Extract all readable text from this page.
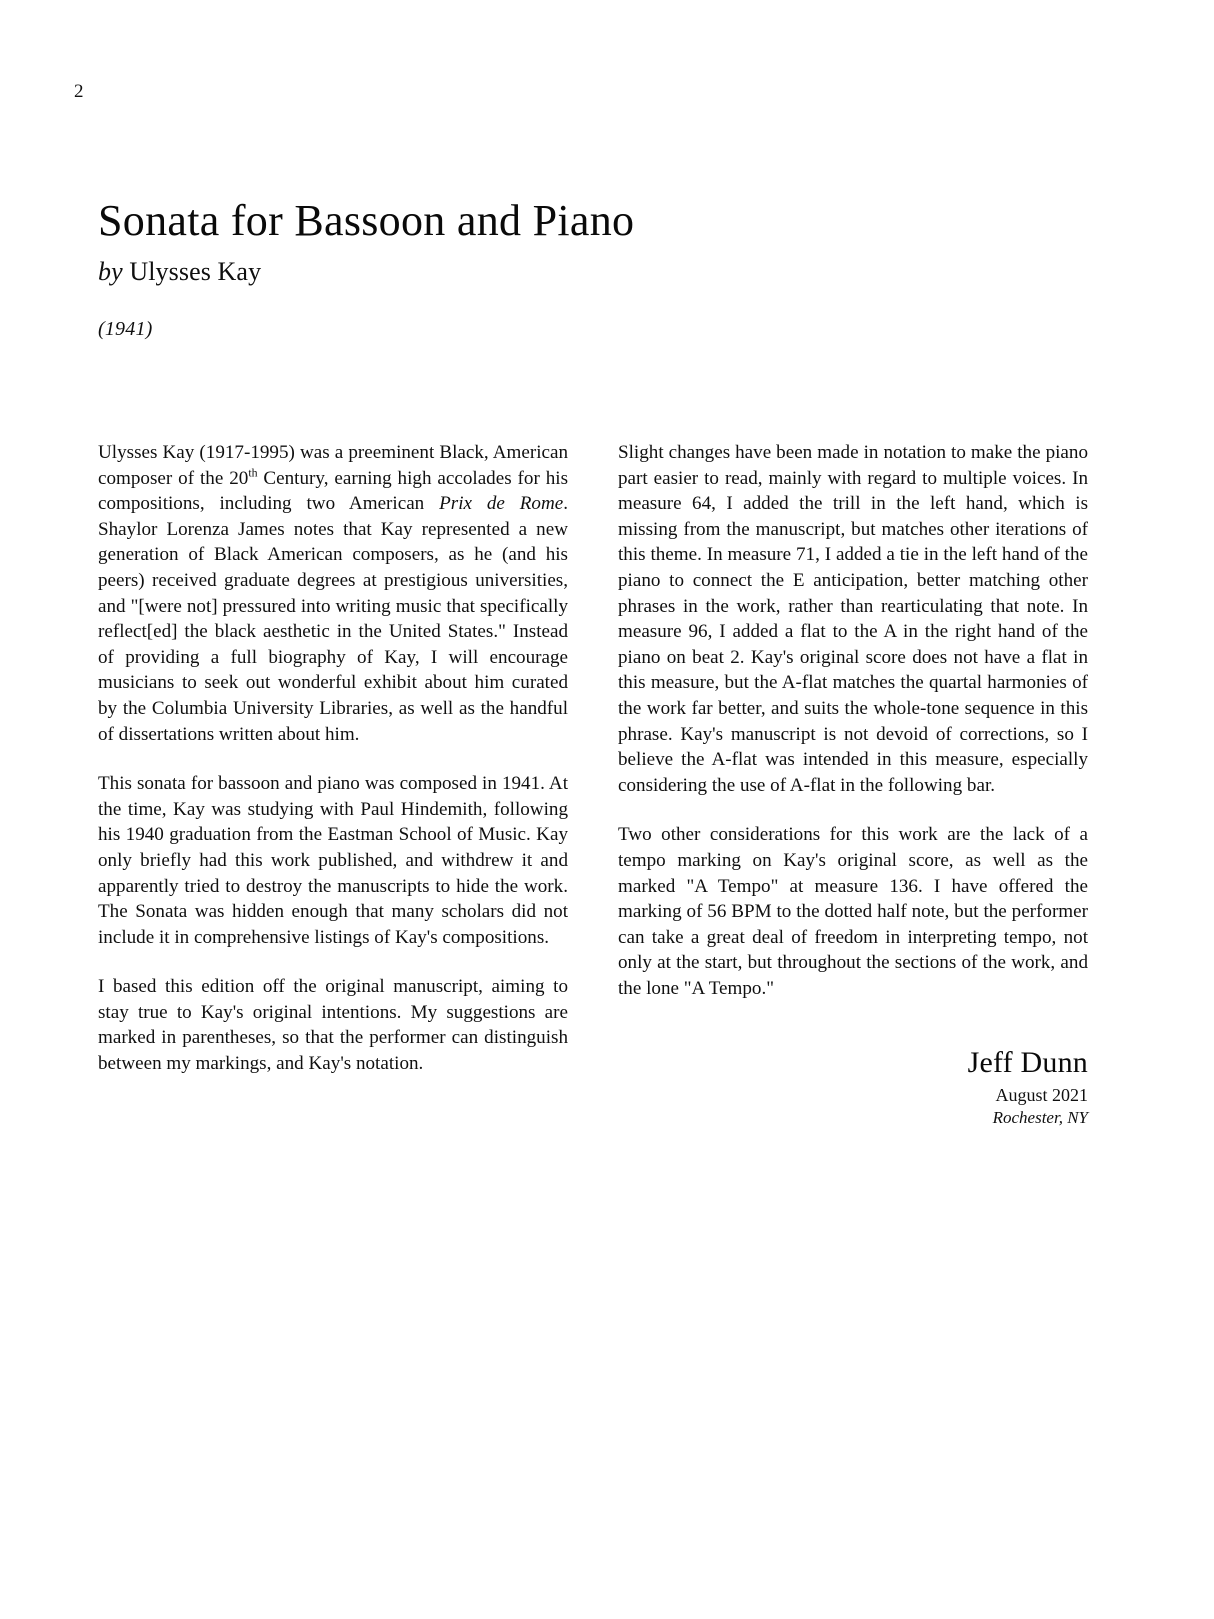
2
Sonata for Bassoon and Piano
by Ulysses Kay
(1941)

Ulysses Kay (1917-1995) was a preeminent Black, American composer of the 20th Century, earning high accolades for his compositions, including two American Prix de Rome. Shaylor Lorenza James notes that Kay represented a new generation of Black American composers, as he (and his peers) received graduate degrees at prestigious universities, and "[were not] pressured into writing music that specifically reflect[ed] the black aesthetic in the United States." Instead of providing a full biography of Kay, I will encourage musicians to seek out wonderful exhibit about him curated by the Columbia University Libraries, as well as the handful of dissertations written about him.

This sonata for bassoon and piano was composed in 1941. At the time, Kay was studying with Paul Hindemith, following his 1940 graduation from the Eastman School of Music. Kay only briefly had this work published, and withdrew it and apparently tried to destroy the manuscripts to hide the work. The Sonata was hidden enough that many scholars did not include it in comprehensive listings of Kay's compositions.

I based this edition off the original manuscript, aiming to stay true to Kay's original intentions. My suggestions are marked in parentheses, so that the performer can distinguish between my markings, and Kay's notation.

Slight changes have been made in notation to make the piano part easier to read, mainly with regard to multiple voices. In measure 64, I added the trill in the left hand, which is missing from the manuscript, but matches other iterations of this theme. In measure 71, I added a tie in the left hand of the piano to connect the E anticipation, better matching other phrases in the work, rather than rearticulating that note. In measure 96, I added a flat to the A in the right hand of the piano on beat 2. Kay's original score does not have a flat in this measure, but the A-flat matches the quartal harmonies of the work far better, and suits the whole-tone sequence in this phrase. Kay's manuscript is not devoid of corrections, so I believe the A-flat was intended in this measure, especially considering the use of A-flat in the following bar.

Two other considerations for this work are the lack of a tempo marking on Kay's original score, as well as the marked "A Tempo" at measure 136. I have offered the marking of 56 BPM to the dotted half note, but the performer can take a great deal of freedom in interpreting tempo, not only at the start, but throughout the sections of the work, and the lone "A Tempo."

Jeff Dunn
August 2021
Rochester, NY
